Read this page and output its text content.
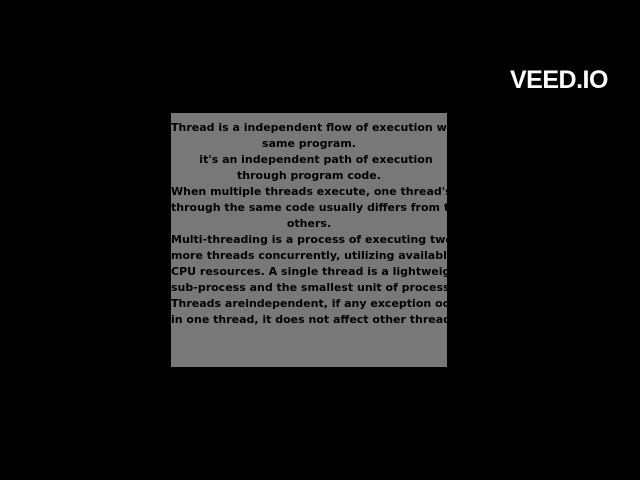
VEED.IO
Thread is a independent flow of execution with a
same program.
it's an independent path of execution
through program code.
When multiple threads execute, one thread's path
through the same code usually differs from the
others.
Multi-threading is a process of executing two or
more threads concurrently, utilizing available
CPU resources. A single thread is a lightweight
sub-process and the smallest unit of processing.
Threads areindependent, if any exception occurs
in one thread, it does not affect other threads.
